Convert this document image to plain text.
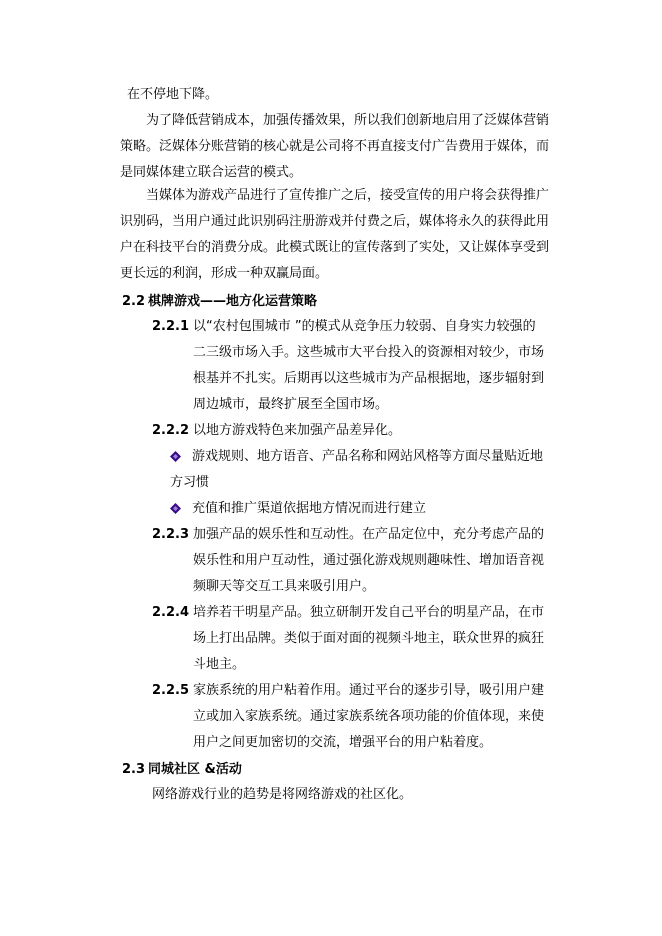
在不停地下降。
为了降低营销成本，加强传播效果，所以我们创新地启用了泛媒体营销
策略。泛媒体分账营销的核心就是公司将不再直接支付广告费用于媒体，而
是同媒体建立联合运营的模式。
当媒体为游戏产品进行了宣传推广之后，接受宣传的用户将会获得推广
识别码，当用户通过此识别码注册游戏并付费之后，媒体将永久的获得此用
户在科技平台的消费分成。此模式既让的宣传落到了实处，又让媒体享受到
更长远的利润，形成一种双赢局面。
2.2 棋牌游戏——地方化运营策略
2.2.1 以“农村包围城市 ”的模式从竞争压力较弱、自身实力较强的
二三级市场入手。这些城市大平台投入的资源相对较少，市场
根基并不扎实。后期再以这些城市为产品根据地，逐步辐射到
周边城市，最终扩展至全国市场。
2.2.2 以地方游戏特色来加强产品差异化。
游戏规则、地方语音、产品名称和网站风格等方面尽量贴近地
方习惯
充值和推广渠道依据地方情况而进行建立
2.2.3 加强产品的娱乐性和互动性。在产品定位中，充分考虑产品的
娱乐性和用户互动性，通过强化游戏规则趣味性、增加语音视
频聊天等交互工具来吸引用户。
2.2.4 培养若干明星产品。独立研制开发自己平台的明星产品，在市
场上打出品牌。类似于面对面的视频斗地主，联众世界的疯狂
斗地主。
2.2.5 家族系统的用户粘着作用。通过平台的逐步引导，吸引用户建
立或加入家族系统。通过家族系统各项功能的价值体现，来使
用户之间更加密切的交流，增强平台的用户粘着度。
2.3 同城社区 &活动
网络游戏行业的趋势是将网络游戏的社区化。
